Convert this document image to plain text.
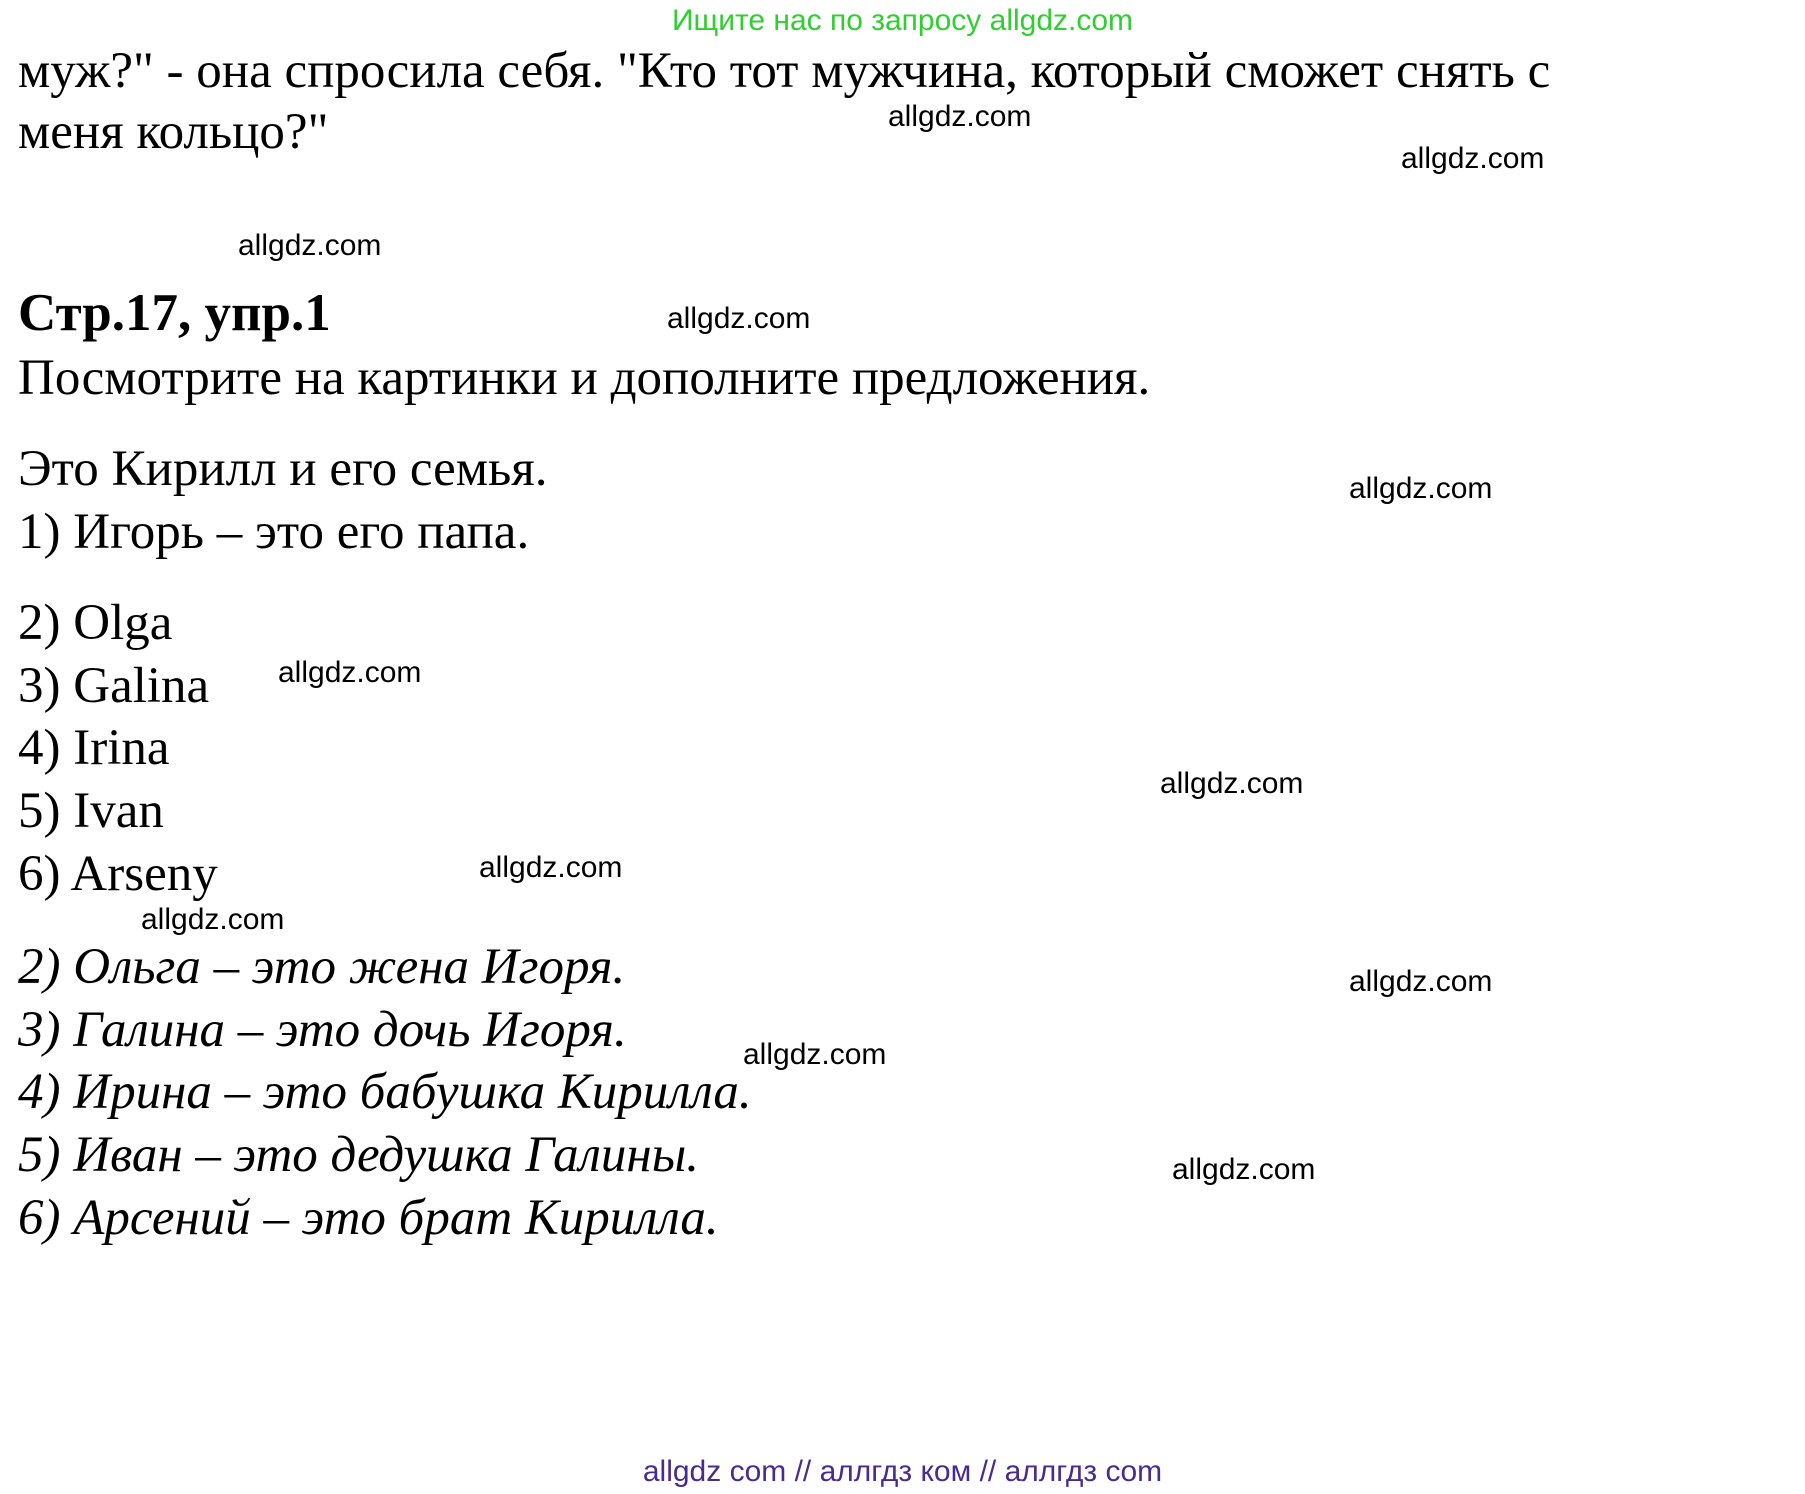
Ищите нас по запросу allgdz.com
муж?" - она спросила себя. "Кто тот мужчина, который сможет снять с
меня кольцо?"
Стр.17, упр.1
Посмотрите на картинки и дополните предложения.
Это Кирилл и его семья.
1) Игорь – это его папа.
2) Olga
3) Galina
4) Irina
5) Ivan
6) Arseny
2) Ольга – это жена Игоря.
3) Галина – это дочь Игоря.
4) Ирина – это бабушка Кирилла.
5) Иван – это дедушка Галины.
6) Арсений – это брат Кирилла.
allgdz.com
allgdz.com
allgdz.com
allgdz.com
allgdz.com
allgdz.com
allgdz.com
allgdz.com
allgdz.com
allgdz.com
allgdz.com
allgdz.com
allgdz com // аллгдз ком // аллгдз com
